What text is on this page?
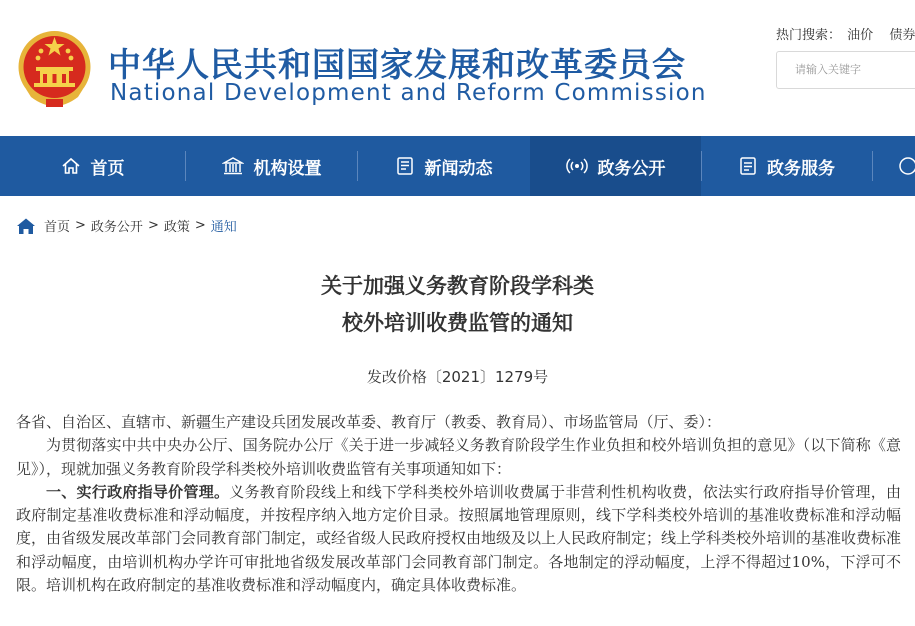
中华人民共和国国家发展和改革委员会
National Development and Reform Commission
热门搜索： 油价 债券
请输入关键字
首页	机构设置	新闻动态	政务公开	政务服务
首页 > 政务公开 > 政策 > 通知
关于加强义务教育阶段学科类
校外培训收费监管的通知
发改价格〔2021〕1279号

各省、自治区、直辖市、新疆生产建设兵团发展改革委、教育厅（教委、教育局）、市场监管局（厅、委）：

为贯彻落实中共中央办公厅、国务院办公厅《关于进一步减轻义务教育阶段学生作业负担和校外培训负担的意见》（以下简称《意见》），现就加强义务教育阶段学科类校外培训收费监管有关事项通知如下：

一、实行政府指导价管理。义务教育阶段线上和线下学科类校外培训收费属于非营利性机构收费，依法实行政府指导价管理，由政府制定基准收费标准和浮动幅度，并按程序纳入地方定价目录。按照属地管理原则，线下学科类校外培训的基准收费标准和浮动幅度，由省级发展改革部门会同教育部门制定，或经省级人民政府授权由地级及以上人民政府制定；线上学科类校外培训的基准收费标准和浮动幅度，由培训机构办学许可审批地省级发展改革部门会同教育部门制定。各地制定的浮动幅度，上浮不得超过10%，下浮可不限。培训机构在政府制定的基准收费标准和浮动幅度内，确定具体收费标准。
